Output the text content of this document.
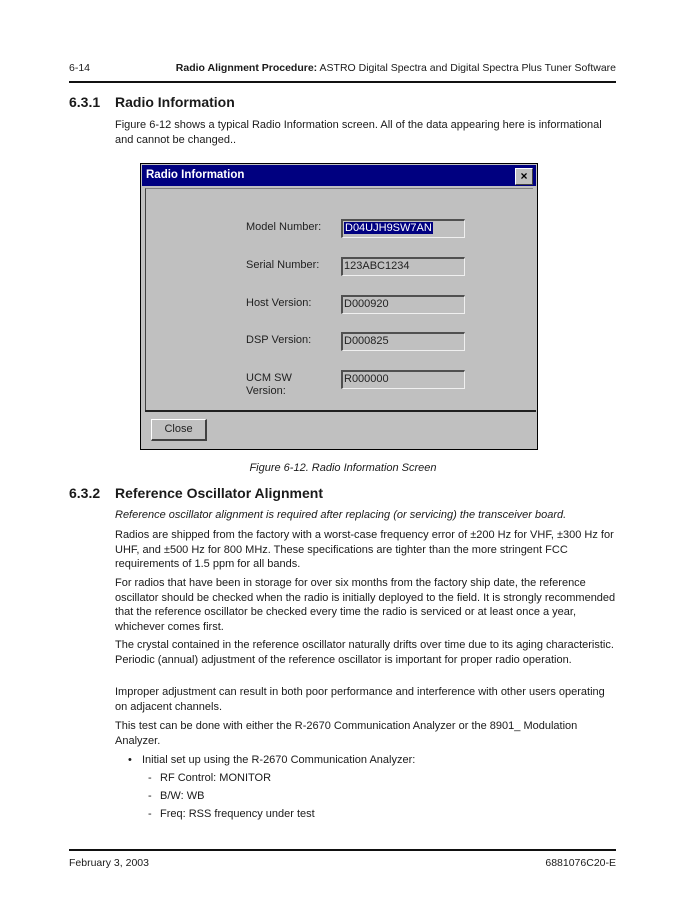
6-14	Radio Alignment Procedure: ASTRO Digital Spectra and Digital Spectra Plus Tuner Software
6.3.1 Radio Information
Figure 6-12 shows a typical Radio Information screen. All of the data appearing here is informational and cannot be changed..
Radio Information	×
Model Number:	D04UJH9SW7AN
Serial Number: 123ABC1234
Host Version:	D000920
DSP Version:	D000825
UCM SW
Version:
R000000
Close
Figure 6-12. Radio Information Screen
6.3.2 Reference Oscillator Alignment
Reference oscillator alignment is required after replacing (or servicing) the transceiver board.
Radios are shipped from the factory with a worst-case frequency error of ±200 Hz for VHF, ±300 Hz for UHF, and ±500 Hz for 800 MHz. These specifications are tighter than the more stringent FCC requirements of 1.5 ppm for all bands.
For radios that have been in storage for over six months from the factory ship date, the reference oscillator should be checked when the radio is initially deployed to the field. It is strongly recommended that the reference oscillator be checked every time the radio is serviced or at least once a year, whichever comes first.
The crystal contained in the reference oscillator naturally drifts over time due to its aging characteristic. Periodic (annual) adjustment of the reference oscillator is important for proper radio operation.
Improper adjustment can result in both poor performance and interference with other users operating on adjacent channels.
This test can be done with either the R-2670 Communication Analyzer or the 8901_ Modulation Analyzer.
• Initial set up using the R-2670 Communication Analyzer:
- RF Control: MONITOR
- B/W: WB
- Freq: RSS frequency under test
February 3, 2003	6881076C20-E
